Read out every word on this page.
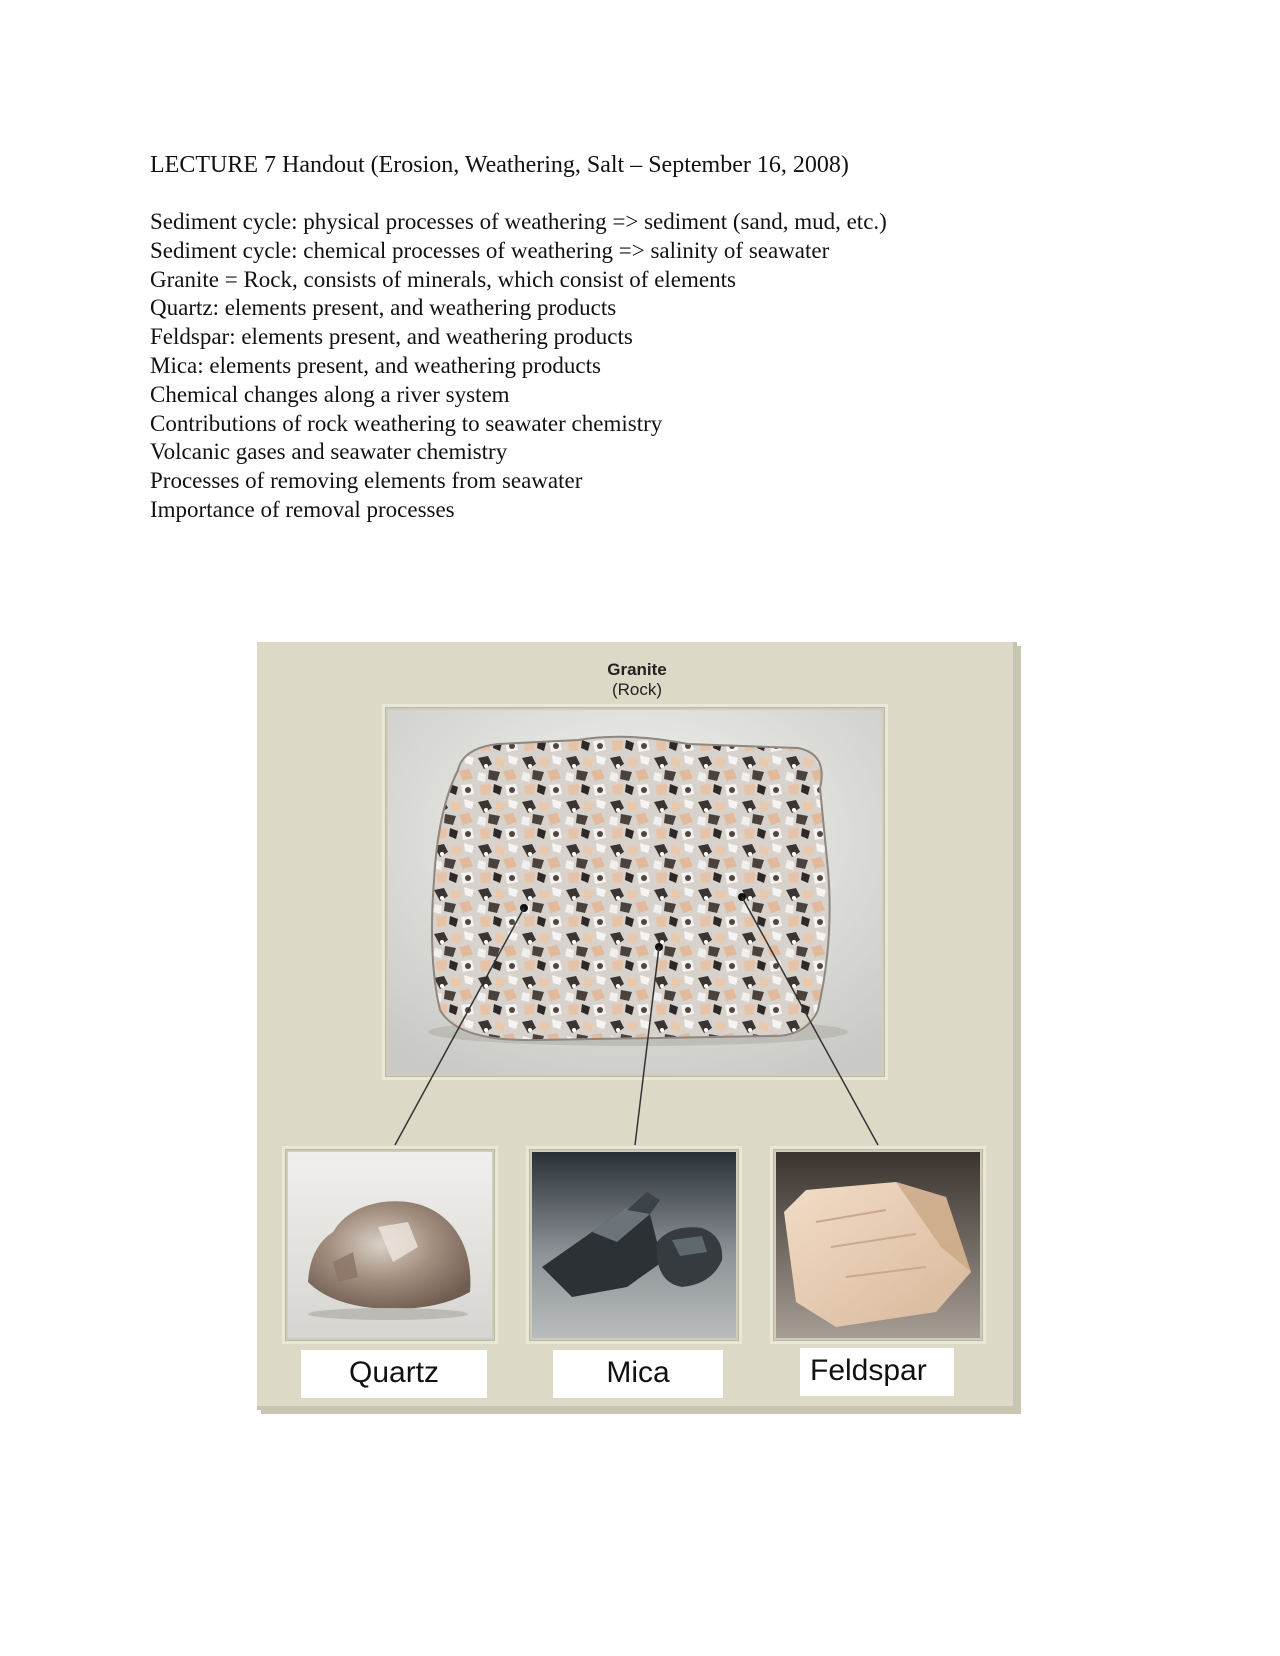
LECTURE 7 Handout (Erosion, Weathering, Salt – September 16, 2008)
Sediment cycle: physical processes of weathering => sediment (sand, mud, etc.)
Sediment cycle: chemical processes of weathering => salinity of seawater
Granite = Rock, consists of minerals, which consist of elements
Quartz: elements present, and weathering products
Feldspar: elements present, and weathering products
Mica: elements present, and weathering products
Chemical changes along a river system
Contributions of rock weathering to seawater chemistry
Volcanic gases and seawater chemistry
Processes of removing elements from seawater
Importance of removal processes
Granite
(Rock)
Quartz	Mica	Feldspar
